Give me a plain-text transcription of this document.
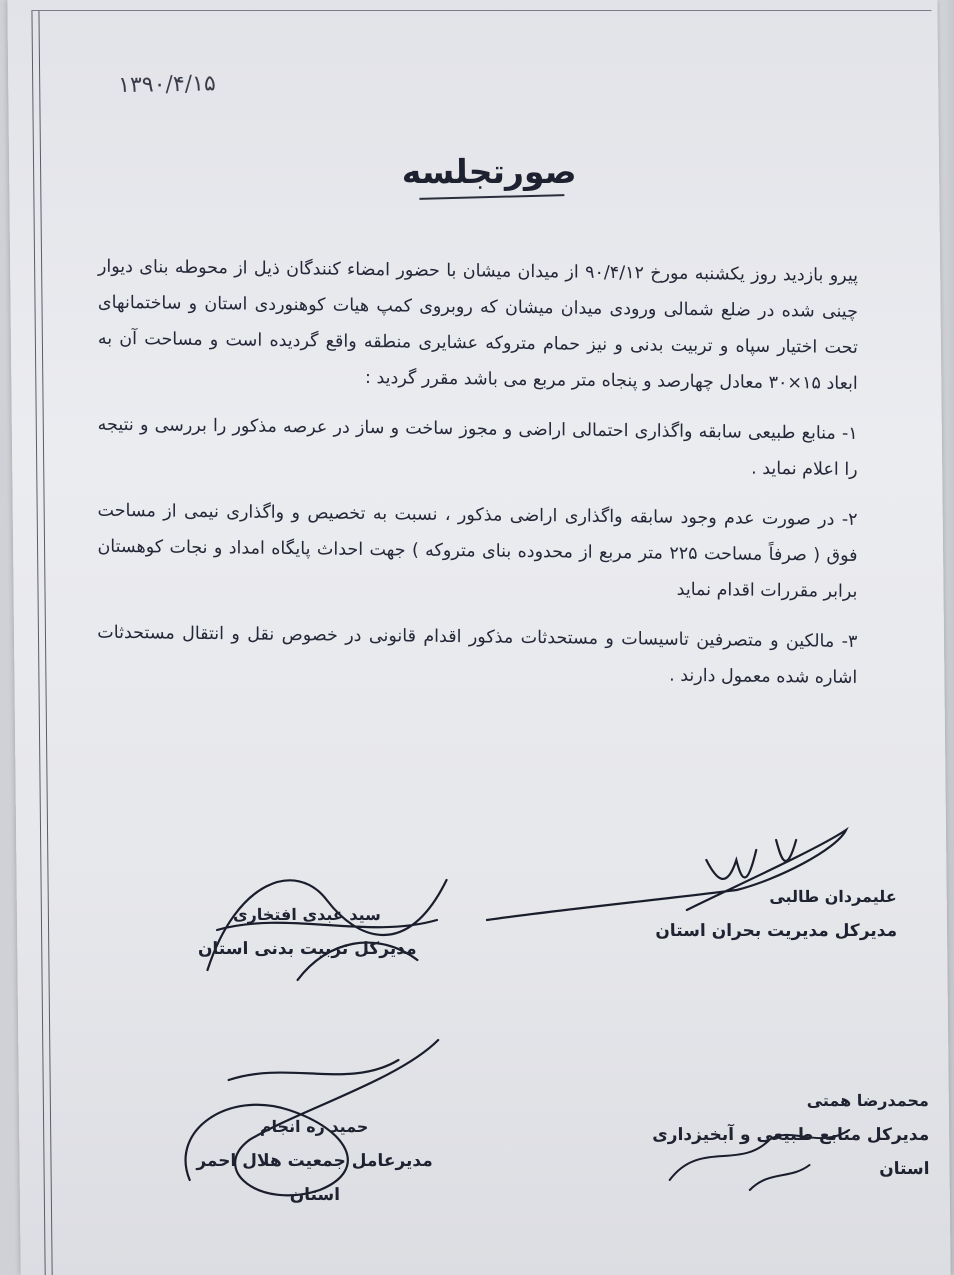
۱۳۹۰/۴/۱۵
صورتجلسه

پیرو بازدید روز یکشنبه مورخ ۹۰/۴/۱۲ از میدان میشان با حضور امضاء کنندگان ذیل از محوطه بنای دیوار چینی شده در ضلع شمالی ورودی میدان میشان که روبروی کمپ هیات کوهنوردی استان و ساختمانهای تحت اختیار سپاه و تربیت بدنی و نیز حمام متروکه عشایری منطقه واقع گردیده است و مساحت آن به ابعاد ۱۵×۳۰ معادل چهارصد و پنجاه متر مربع می باشد مقرر گردید :

۱- منابع طبیعی سابقه واگذاری احتمالی اراضی و مجوز ساخت و ساز در عرصه مذکور را بررسی و نتیجه را اعلام نماید .

۲- در صورت عدم وجود سابقه واگذاری اراضی مذکور ، نسبت به تخصیص و واگذاری نیمی از مساحت فوق ( صرفاً مساحت ۲۲۵ متر مربع از محدوده بنای متروکه ) جهت احداث پایگاه امداد و نجات کوهستان برابر مقررات اقدام نماید

۳- مالکین و متصرفین تاسیسات و مستحدثات مذکور اقدام قانونی در خصوص نقل و انتقال مستحدثات اشاره شده معمول دارند .

سید عبدی افتخاری
مدیرکل تربیت بدنی استان
علیمردان طالبی
مدیرکل مدیریت بحران استان
حمید ره انجام
مدیرعامل جمعیت هلال احمر استان
محمدرضا همتی
مدیرکل منابع طبیعی و آبخیزداری استان
